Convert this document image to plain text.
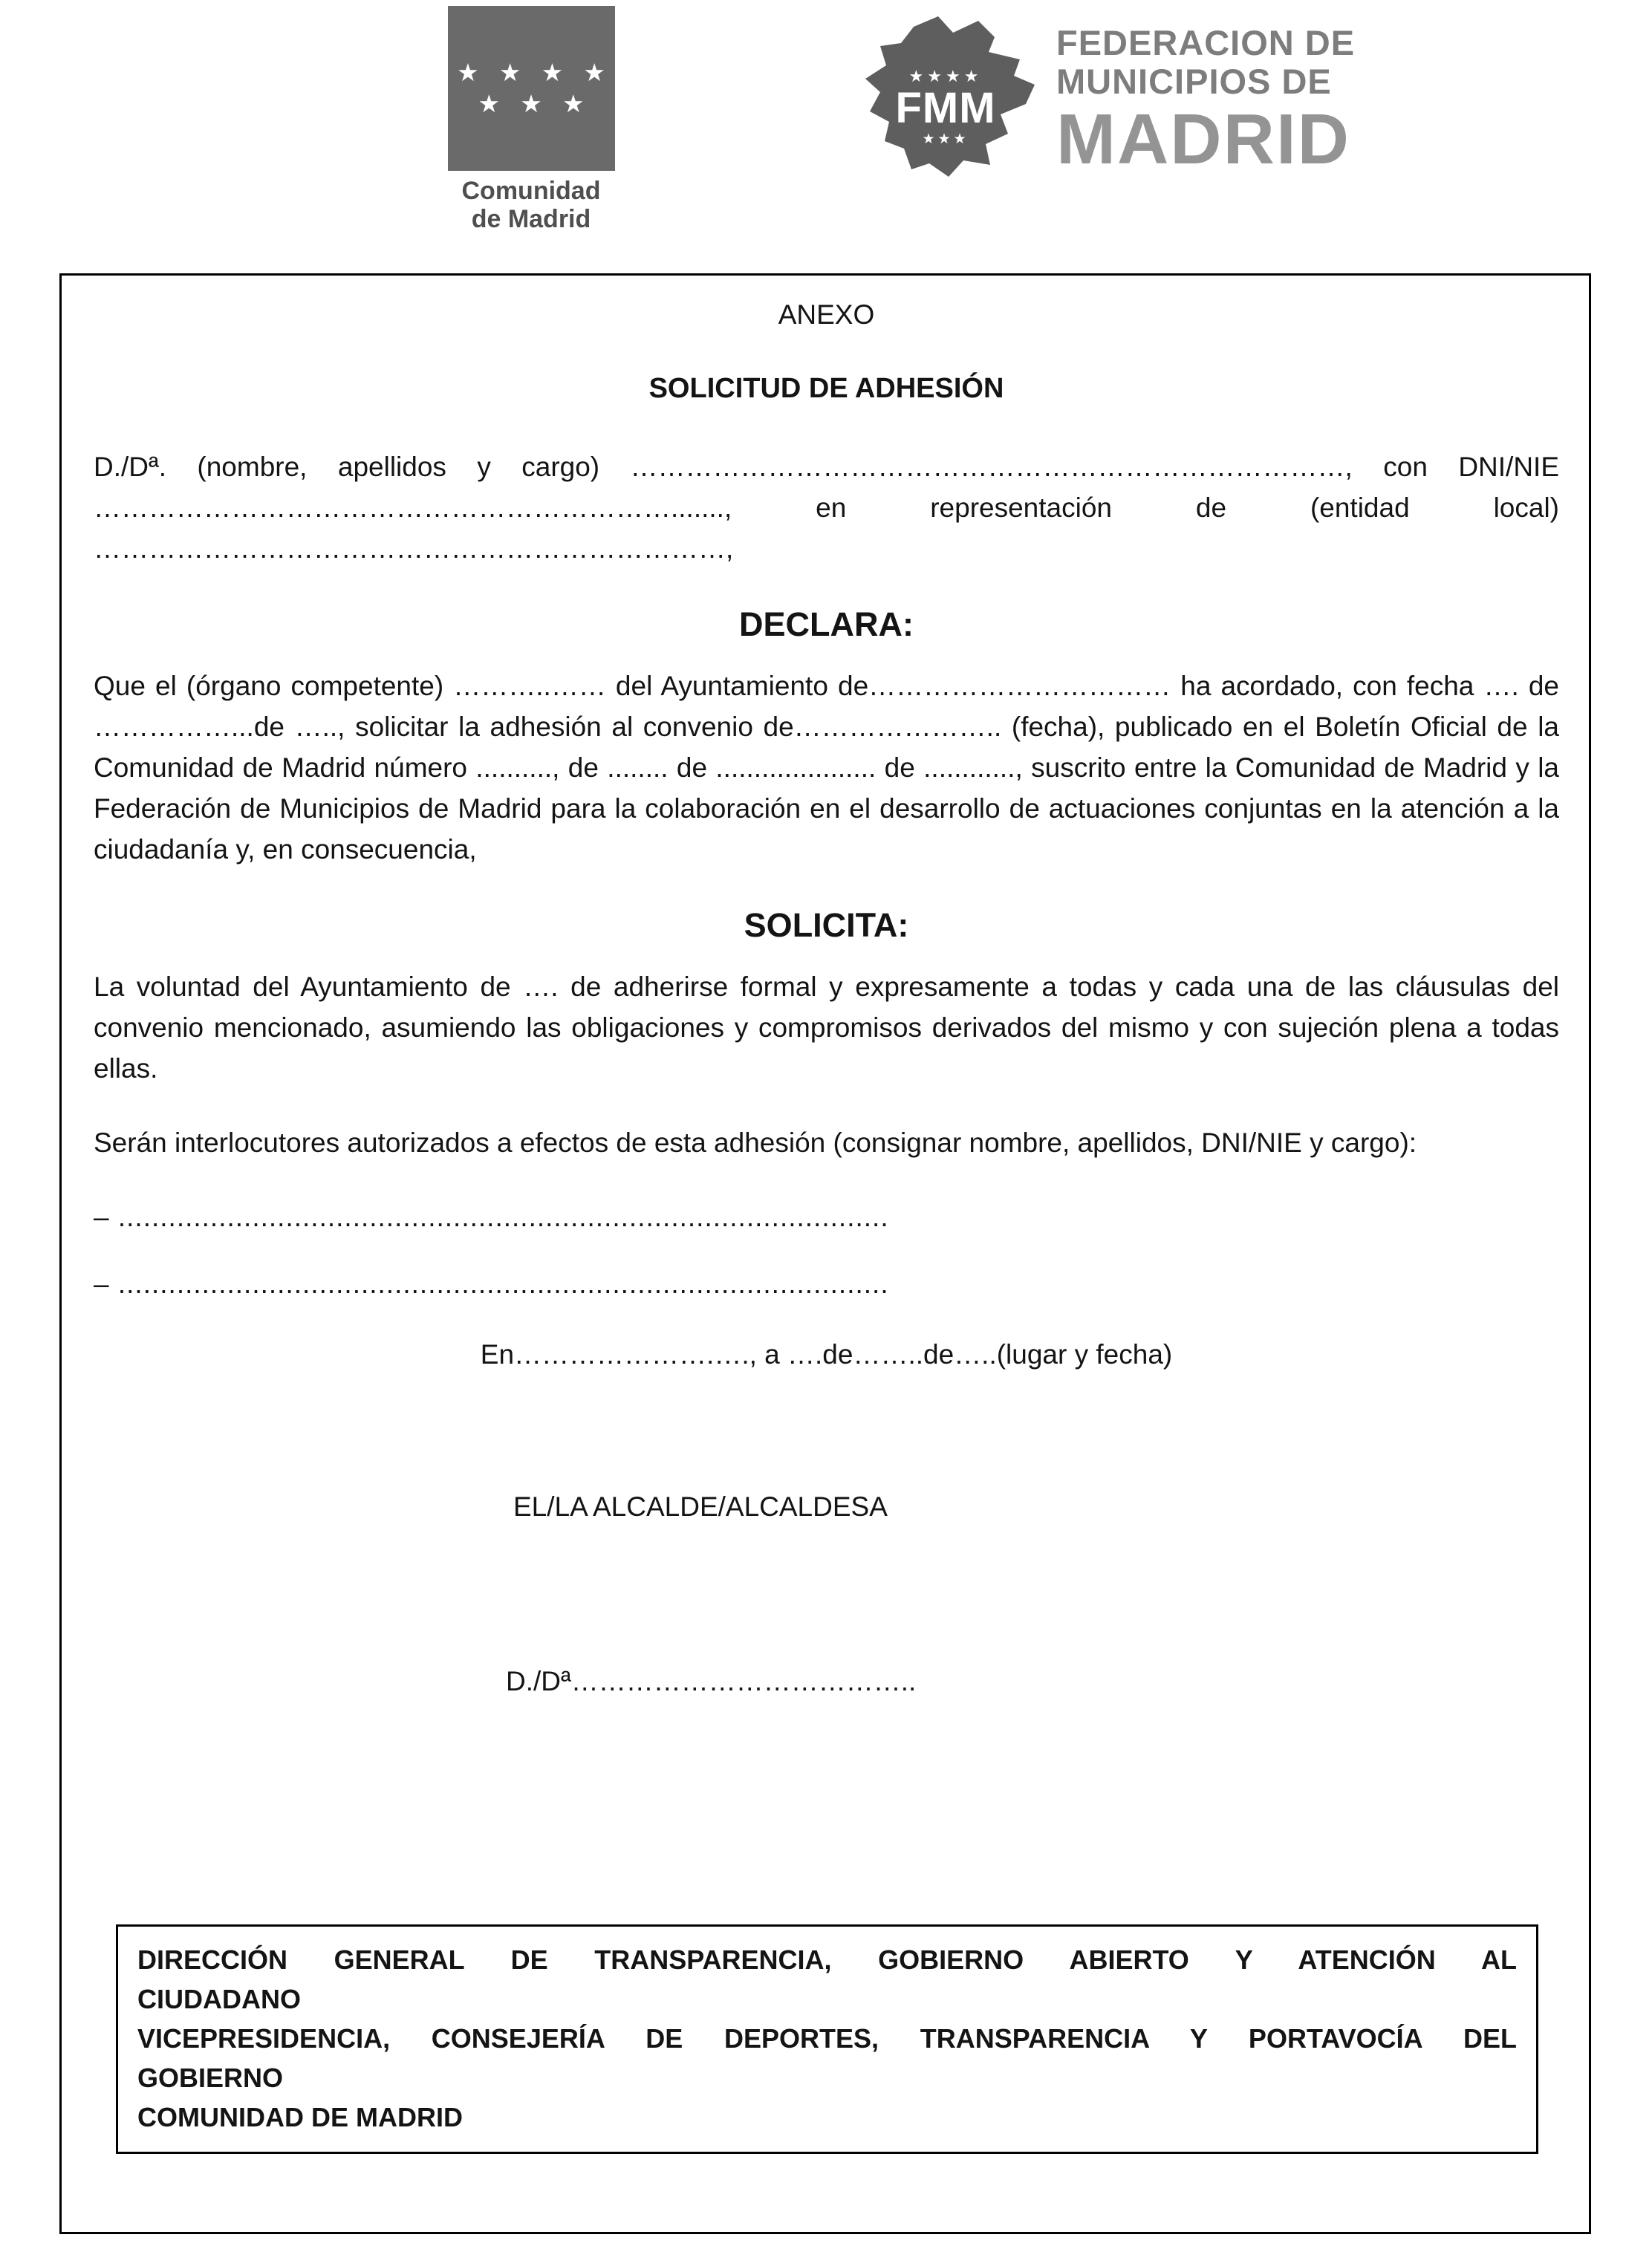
★ ★ ★ ★
★ ★ ★
Comunidad
de Madrid
★★★★
FMM
★★★
FEDERACION DE
MUNICIPIOS DE
MADRID
ANEXO
SOLICITUD DE ADHESIÓN
D./Dª. (nombre, apellidos y cargo) ……………………………………………………………………, con DNI/NIE ………………………………………………………......., en representación de (entidad local) ……………………………………………………………,
DECLARA:
Que el (órgano competente) ………..…… del Ayuntamiento de…………………………… ha acordado, con fecha …. de ……………...de ….., solicitar la adhesión al convenio de………………….. (fecha), publicado en el Boletín Oficial de la Comunidad de Madrid número .........., de ........ de ..................... de ............, suscrito entre la Comunidad de Madrid y la Federación de Municipios de Madrid para la colaboración en el desarrollo de actuaciones conjuntas en la atención a la ciudadanía y, en consecuencia,
SOLICITA:
La voluntad del Ayuntamiento de …. de adherirse formal y expresamente a todas y cada una de las cláusulas del convenio mencionado, asumiendo las obligaciones y compromisos derivados del mismo y con sujeción plena a todas ellas.
Serán interlocutores autorizados a efectos de esta adhesión (consignar nombre, apellidos, DNI/NIE y cargo):
– ............................................................................................
– ............................................................................................
En………………….…., a ….de……..de…..(lugar y fecha)
EL/LA ALCALDE/ALCALDESA
D./Dª………………………………..
DIRECCIÓN GENERAL DE TRANSPARENCIA, GOBIERNO ABIERTO Y ATENCIÓN AL
CIUDADANO
VICEPRESIDENCIA, CONSEJERÍA DE DEPORTES, TRANSPARENCIA Y PORTAVOCÍA DEL
GOBIERNO
COMUNIDAD DE MADRID
